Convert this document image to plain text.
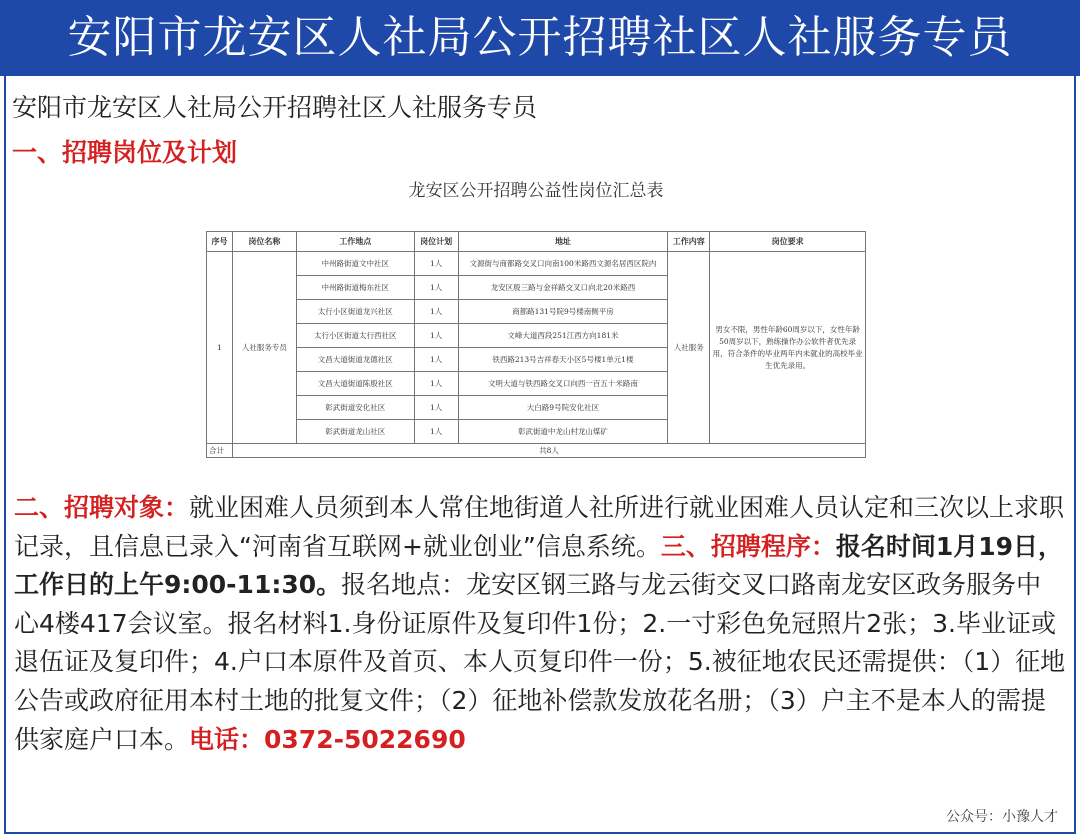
安阳市龙安区人社局公开招聘社区人社服务专员
安阳市龙安区人社局公开招聘社区人社服务专员
一、招聘岗位及计划
龙安区公开招聘公益性岗位汇总表
序号	岗位名称	工作地点	岗位计划	地址	工作内容	岗位要求
1	人社服务专员	中州路街道文中社区	1人	文源街与商都路交叉口向南100米路西文源名居西区院内	人社服务	男女不限，男性年龄60周岁以下，女性年龄50周岁以下，熟练操作办公软件者优先录用，符合条件的毕业两年内未就业的高校毕业生优先录用。
		中州路街道梅东社区	1人	龙安区殷三路与金祥路交叉口向北20米路西		
		太行小区街道龙兴社区	1人	商都路131号院9号楼南侧平房		
		太行小区街道太行西社区	1人	文峰大道西段251江西方向181米		
		文昌大道街道龙德社区	1人	铁西路213号吉祥春天小区5号楼1单元1楼		
		文昌大道街道陈殷社区	1人	文明大道与铁西路交叉口向西一百五十米路南		
		彰武街道安化社区	1人	大白路9号院安化社区		
		彰武街道龙山社区	1人	彰武街道中龙山村龙山煤矿		
合计	共8人					
二、招聘对象：就业困难人员须到本人常住地街道人社所进行就业困难人员认定和三次以上求职记录，且信息已录入“河南省互联网+就业创业”信息系统。三、招聘程序：报名时间1月19日，工作日的上午9:00-11:30。报名地点：龙安区钢三路与龙云街交叉口路南龙安区政务服务中心4楼417会议室。报名材料1.身份证原件及复印件1份；2.一寸彩色免冠照片2张；3.毕业证或退伍证及复印件；4.户口本原件及首页、本人页复印件一份；5.被征地农民还需提供：（1）征地公告或政府征用本村土地的批复文件；（2）征地补偿款发放花名册；（3）户主不是本人的需提供家庭户口本。电话：0372-5022690
公众号：小豫人才
